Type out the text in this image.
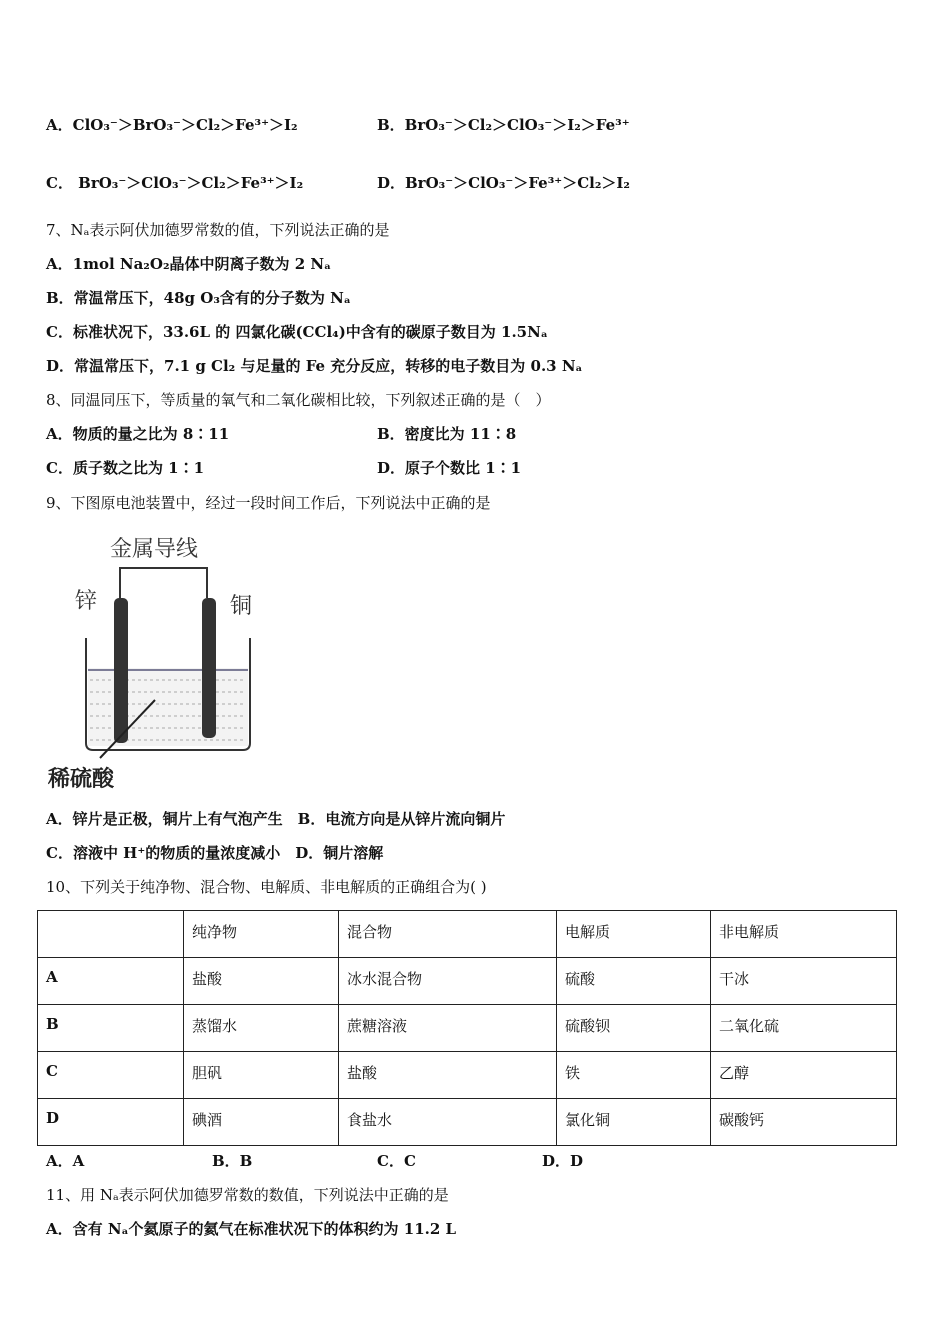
A．ClO₃⁻＞BrO₃⁻＞Cl₂＞Fe³⁺＞I₂	B．BrO₃⁻＞Cl₂＞ClO₃⁻＞I₂＞Fe³⁺
C． BrO₃⁻＞ClO₃⁻＞Cl₂＞Fe³⁺＞I₂	D．BrO₃⁻＞ClO₃⁻＞Fe³⁺＞Cl₂＞I₂
7、Nₐ表示阿伏加德罗常数的值，下列说法正确的是
A．1mol Na₂O₂晶体中阴离子数为 2 Nₐ
B．常温常压下，48g O₃含有的分子数为 Nₐ
C．标准状况下，33.6L 的 四氯化碳(CCl₄)中含有的碳原子数目为 1.5Nₐ
D．常温常压下，7.1 g Cl₂ 与足量的 Fe 充分反应，转移的电子数目为 0.3 Nₐ
8、同温同压下，等质量的氧气和二氧化碳相比较，下列叙述正确的是（　）
A．物质的量之比为 8∶11	B．密度比为 11∶8
C．质子数之比为 1∶1	D．原子个数比 1∶1
9、下图原电池装置中，经过一段时间工作后，下列说法中正确的是
金属导线
锌	铜
稀硫酸
A．锌片是正极，铜片上有气泡产生　B．电流方向是从锌片流向铜片
C．溶液中 H⁺的物质的量浓度减小　D．铜片溶解
10、下列关于纯净物、混合物、电解质、非电解质的正确组合为( )
	纯净物	混合物	电解质	非电解质
A	盐酸	冰水混合物	硫酸	干冰
B	蒸馏水	蔗糖溶液	硫酸钡	二氧化硫
C	胆矾	盐酸	铁	乙醇
D	碘酒	食盐水	氯化铜	碳酸钙
A．A	B．B	C．C	D．D
11、用 Nₐ表示阿伏加德罗常数的数值，下列说法中正确的是
A．含有 Nₐ个氦原子的氦气在标准状况下的体积约为 11.2 L
